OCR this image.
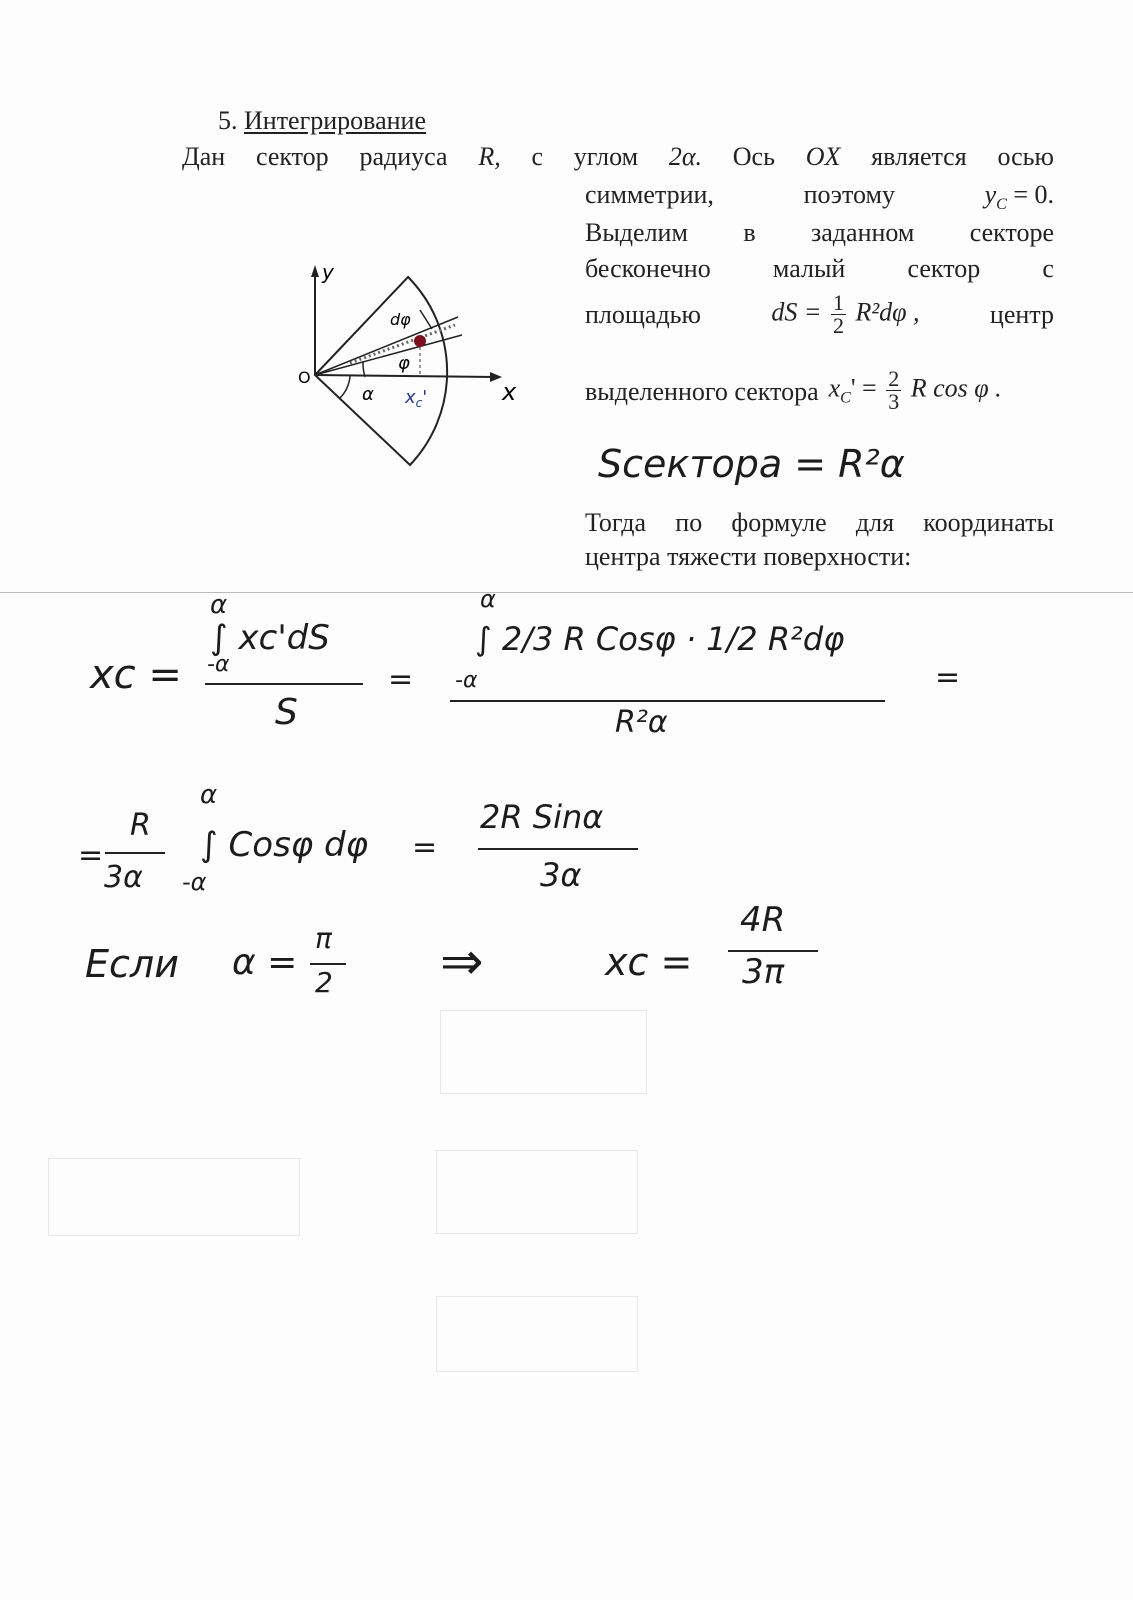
5. Интегрирование
Дан сектор радиуса R, с углом 2α. Ось OX является осью
симметрии,	поэтому	$y_C = 0$.
Выделим в заданном секторе
бесконечно малый сектор с
площадью	dS = $\frac{1}{2} R^2d\varphi$ ,	центр
выделенного сектора $x_C' = \frac{2}{3}$ R cos φ .
Sсектора = R²α
Тогда по формуле для координаты
центра тяжести поверхности:
y
x
O
dφ
φ
α $x_c'$
xc =
α
-α
∫ xc'dS
S
=
α
-α
∫ 2/3 R Cosφ · 1/2 R²dφ
R²α
=
=
R
3α
α
-α
∫ Cosφ dφ =
2R Sinα
3α
Если α =
π
2 ⇒	xc =
4R
3π
